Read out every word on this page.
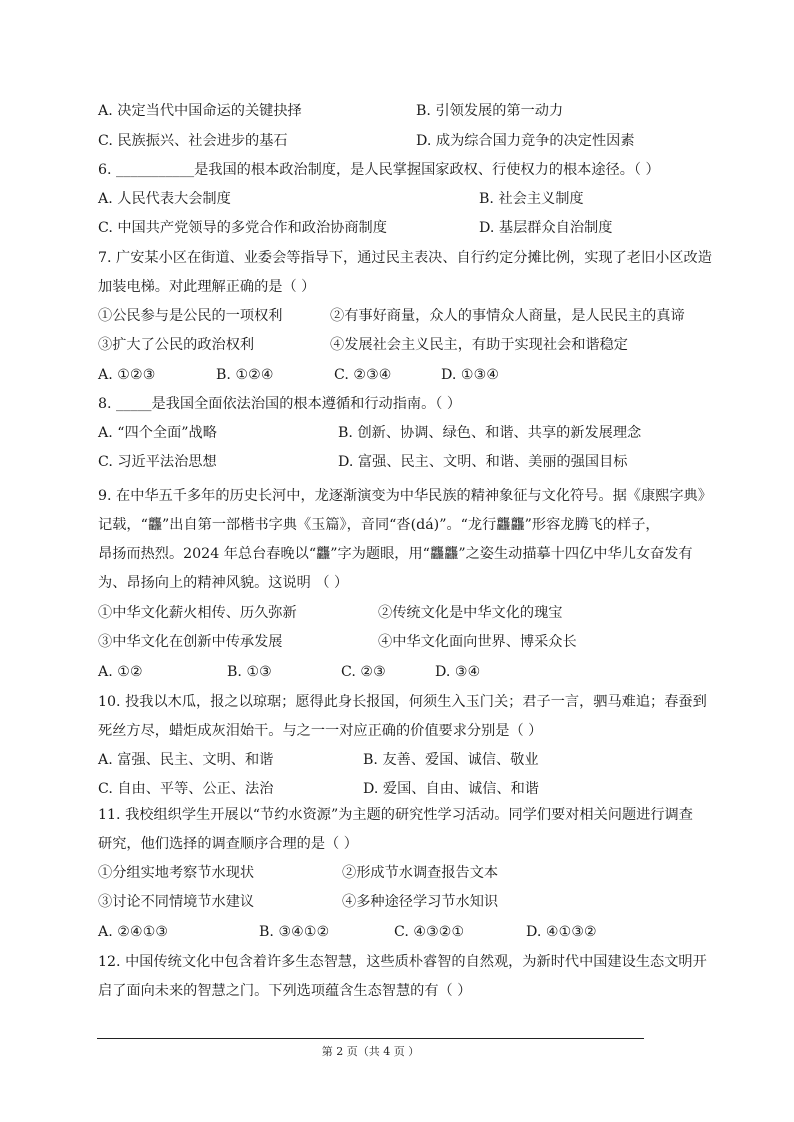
A. 决定当代中国命运的关键抉择	B. 引领发展的第一动力
C. 民族振兴、社会进步的基石	D. 成为综合国力竞争的决定性因素
6. ___________是我国的根本政治制度，是人民掌握国家政权、行使权力的根本途径。（ ）
A. 人民代表大会制度	B. 社会主义制度
C. 中国共产党领导的多党合作和政治协商制度	D. 基层群众自治制度
7. 广安某小区在街道、业委会等指导下，通过民主表决、自行约定分摊比例，实现了老旧小区改造
加装电梯。对此理解正确的是（ ）
①公民参与是公民的一项权利	②有事好商量，众人的事情众人商量，是人民民主的真谛
③扩大了公民的政治权利	④发展社会主义民主，有助于实现社会和谐稳定
A. ①②③	B. ①②④	C. ②③④	D. ①③④
8. _____是我国全面依法治国的根本遵循和行动指南。（ ）
A. “四个全面”战略	B. 创新、协调、绿色、和谐、共享的新发展理念
C. 习近平法治思想	D. 富强、民主、文明、和谐、美丽的强国目标
9. 在中华五千多年的历史长河中，龙逐渐演变为中华民族的精神象征与文化符号。据《康熙字典》
记载，“龘”出自第一部楷书字典《玉篇》，音同“沓(dá)”。“龙行龘龘”形容龙腾飞的样子，
昂扬而热烈。2024 年总台春晚以“龘”字为题眼，用“龘龘”之姿生动描摹十四亿中华儿女奋发有
为、昂扬向上的精神风貌。这说明 （ ）
①中华文化薪火相传、历久弥新	②传统文化是中华文化的瑰宝
③中华文化在创新中传承发展	④中华文化面向世界、博采众长
A. ①②	B. ①③	C. ②③	D. ③④
10. 投我以木瓜，报之以琼琚；愿得此身长报国，何须生入玉门关；君子一言，驷马难追；春蚕到
死丝方尽，蜡炬成灰泪始干。与之一一对应正确的价值要求分别是（ ）
A. 富强、民主、文明、和谐	B. 友善、爱国、诚信、敬业
C. 自由、平等、公正、法治	D. 爱国、自由、诚信、和谐
11. 我校组织学生开展以“节约水资源”为主题的研究性学习活动。同学们要对相关问题进行调查
研究，他们选择的调查顺序合理的是（ ）
①分组实地考察节水现状	②形成节水调查报告文本
③讨论不同情境节水建议	④多种途径学习节水知识
A. ②④①③	B. ③④①②	C. ④③②①	D. ④①③②
12. 中国传统文化中包含着许多生态智慧，这些质朴睿智的自然观，为新时代中国建设生态文明开
启了面向未来的智慧之门。下列选项蕴含生态智慧的有（ ）
第 2 页（共 4 页 ）
